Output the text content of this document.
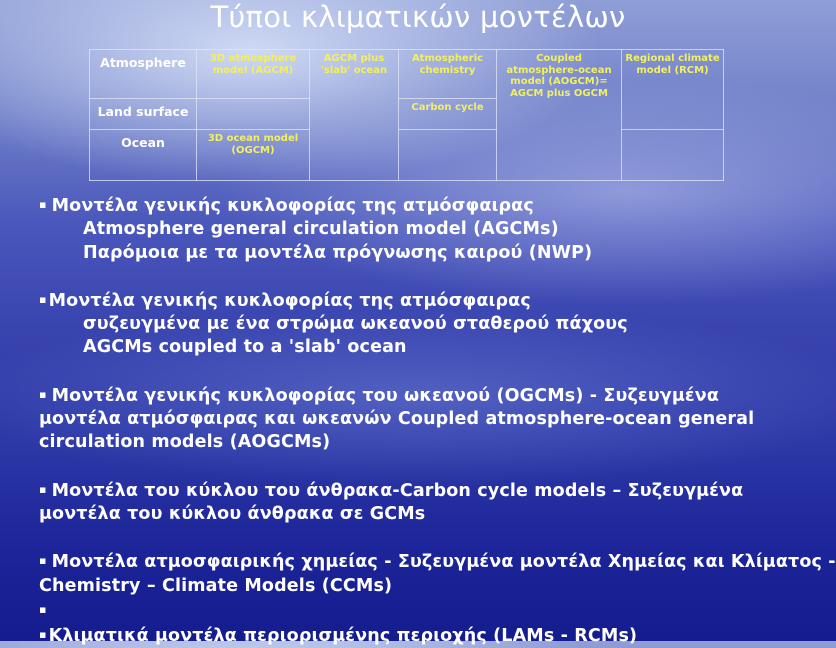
Τύποι κλιματικών μοντέλων
Atmosphere	3D atmosphere model (AGCM)	AGCM plus 'slab' ocean	Atmospheric chemistry	Coupled atmosphere-ocean model (AOGCM)= AGCM plus OGCM	Regional climate model (RCM)
Land surface			Carbon cycle		
Ocean	3D ocean model (OGCM)				
▪ Μοντέλα γενικής κυκλοφορίας της ατμόσφαιρας
Atmosphere general circulation model (AGCMs)
Παρόμοια με τα μοντέλα πρόγνωσης καιρού (NWP)
▪ Μοντέλα γενικής κυκλοφορίας της ατμόσφαιρας
συζευγμένα με ένα στρώμα ωκεανού σταθερού πάχους
AGCMs coupled to a 'slab' ocean
▪ Μοντέλα γενικής κυκλοφορίας του ωκεανού (OGCMs) - Συζευγμένα
μοντέλα ατμόσφαιρας και ωκεανών Coupled atmosphere-ocean general
circulation models (AOGCMs)
▪ Μοντέλα του κύκλου του άνθρακα-Carbon cycle models – Συζευγμένα
μοντέλα του κύκλου άνθρακα σε GCMs
▪ Μοντέλα ατμοσφαιρικής χημείας - Συζευγμένα μοντέλα Χημείας και Κλίματος -
Chemistry – Climate Models (CCMs)
▪
▪ Κλιματικά μοντέλα περιορισμένης περιοχής (LAMs - RCMs)
